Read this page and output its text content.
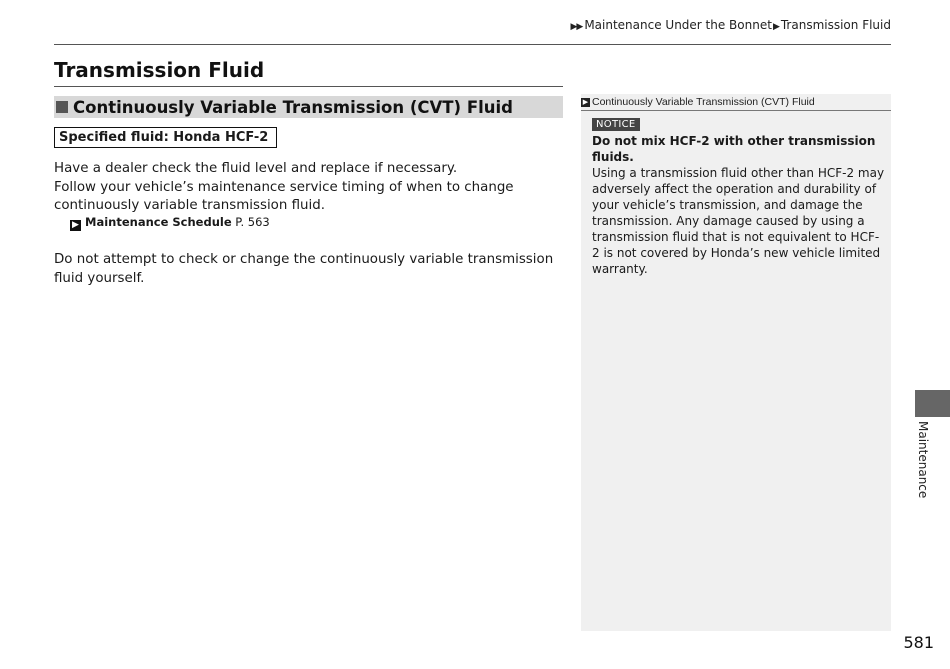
▶▶ Maintenance Under the Bonnet▶Transmission Fluid
Transmission Fluid
Continuously Variable Transmission (CVT) Fluid
Specified fluid: Honda HCF-2

Have a dealer check the fluid level and replace if necessary.

Follow your vehicle’s maintenance service timing of when to change continuously variable transmission fluid.

▶ Maintenance Schedule P. 563

Do not attempt to check or change the continuously variable transmission fluid yourself.

▶ Continuously Variable Transmission (CVT) Fluid
NOTICE

Do not mix HCF-2 with other transmission fluids.

Using a transmission fluid other than HCF-2 may adversely affect the operation and durability of your vehicle’s transmission, and damage the transmission. Any damage caused by using a transmission fluid that is not equivalent to HCF-2 is not covered by Honda’s new vehicle limited warranty.

Maintenance
581
